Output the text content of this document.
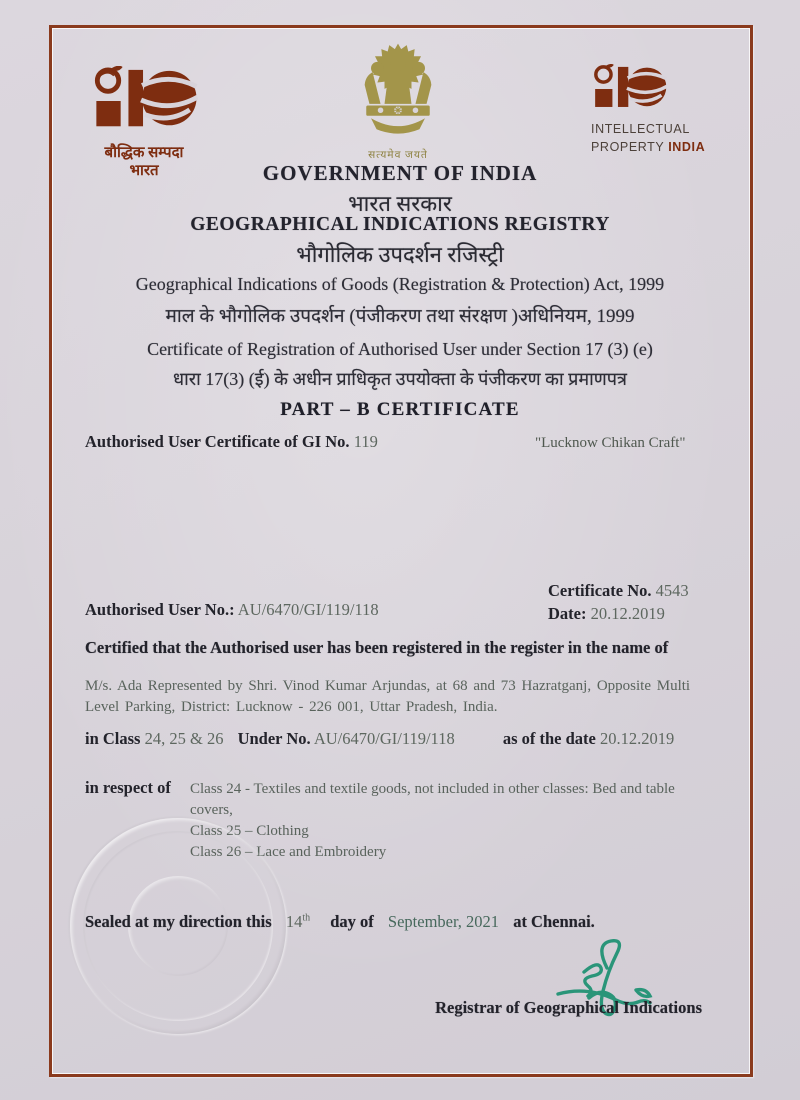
बौद्धिक सम्पदा
भारत
सत्यमेव जयते
INTELLECTUAL
PROPERTY INDIA
GOVERNMENT OF INDIA
भारत सरकार
GEOGRAPHICAL INDICATIONS REGISTRY
भौगोलिक उपदर्शन रजिस्ट्री
Geographical Indications of Goods (Registration & Protection) Act, 1999
माल के भौगोलिक उपदर्शन (पंजीकरण तथा संरक्षण )अधिनियम, 1999
Certificate of Registration of Authorised User under Section 17 (3) (e)
धारा 17(3) (ई) के अधीन प्राधिकृत उपयोक्ता के पंजीकरण का प्रमाणपत्र
PART – B CERTIFICATE
Authorised User Certificate of GI No. 119	"Lucknow Chikan Craft"
Certificate No. 4543
Date: 20.12.2019
Authorised User No.: AU/6470/GI/119/118
Certified that the Authorised user has been registered in the register in the name of
M/s. Ada Represented by Shri. Vinod Kumar Arjundas, at 68 and 73 Hazratganj, Opposite Multi Level Parking, District: Lucknow - 226 001, Uttar Pradesh, India.
in Class 24, 25 & 26 Under No. AU/6470/GI/119/118	as of the date 20.12.2019
in respect of Class 24 - Textiles and textile goods, not included in other classes: Bed and table covers,
Class 25 – Clothing
Class 26 – Lace and Embroidery
Sealed at my direction this 14th day of September, 2021 at Chennai.
Registrar of Geographical Indications
